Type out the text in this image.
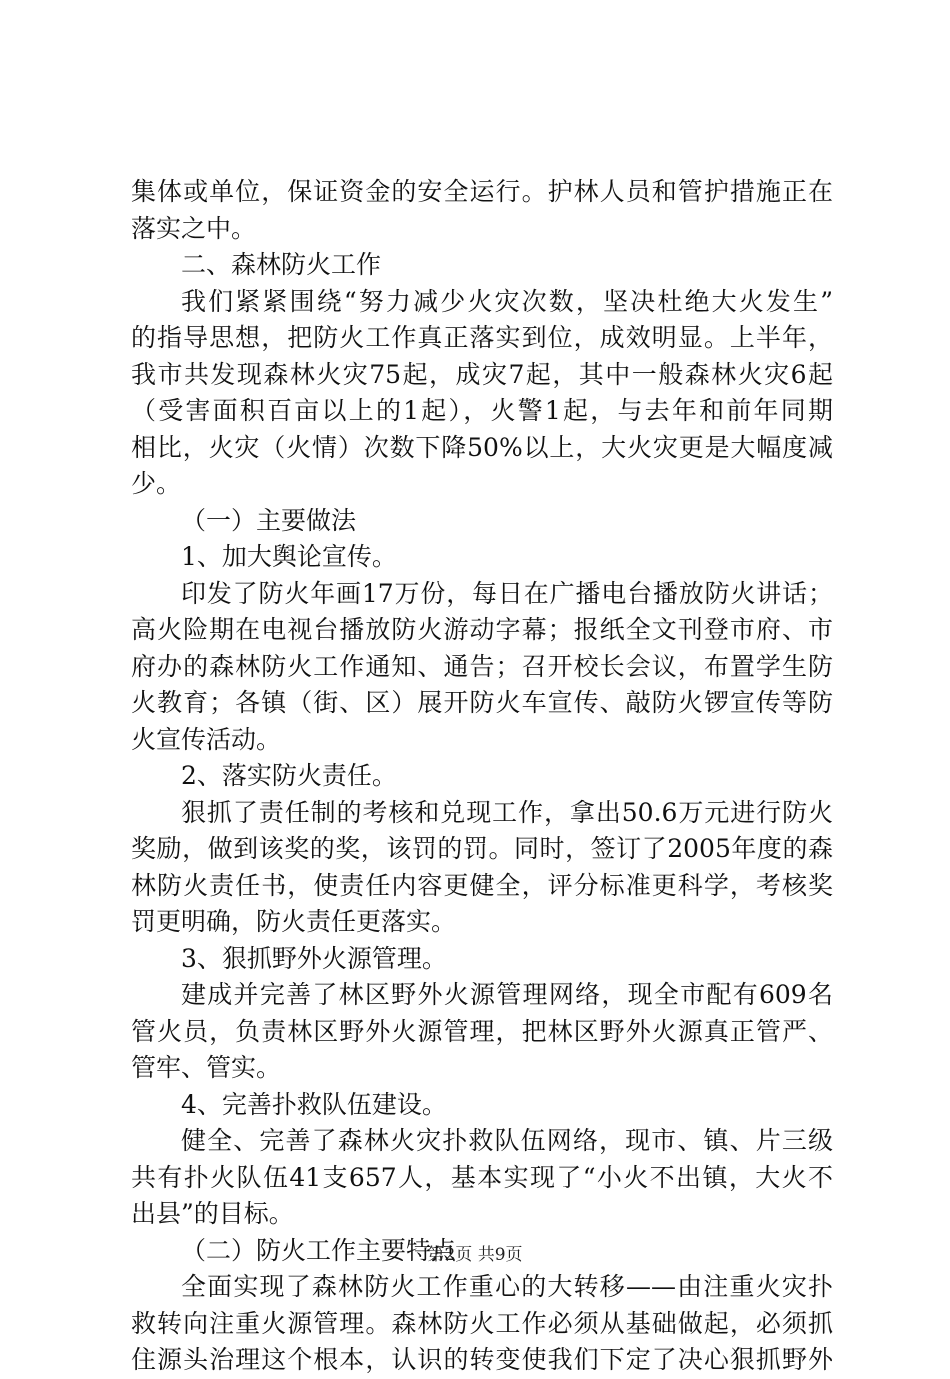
集体或单位，保证资金的安全运行。护林人员和管护措施正在
落实之中。
二、森林防火工作
我们紧紧围绕“努力减少火灾次数，坚决杜绝大火发生”
的指导思想，把防火工作真正落实到位，成效明显。上半年，
我市共发现森林火灾75起，成灾7起，其中一般森林火灾6起
（受害面积百亩以上的1起），火警1起，与去年和前年同期
相比，火灾（火情）次数下降50%以上，大火灾更是大幅度减
少。
（一）主要做法
1、加大舆论宣传。
印发了防火年画17万份，每日在广播电台播放防火讲话；
高火险期在电视台播放防火游动字幕；报纸全文刊登市府、市
府办的森林防火工作通知、通告；召开校长会议，布置学生防
火教育；各镇（街、区）展开防火车宣传、敲防火锣宣传等防
火宣传活动。
2、落实防火责任。
狠抓了责任制的考核和兑现工作，拿出50.6万元进行防火
奖励，做到该奖的奖，该罚的罚。同时，签订了2005年度的森
林防火责任书，使责任内容更健全，评分标准更科学，考核奖
罚更明确，防火责任更落实。
3、狠抓野外火源管理。
建成并完善了林区野外火源管理网络，现全市配有609名
管火员，负责林区野外火源管理，把林区野外火源真正管严、
管牢、管实。
4、完善扑救队伍建设。
健全、完善了森林火灾扑救队伍网络，现市、镇、片三级
共有扑火队伍41支657人，基本实现了“小火不出镇，大火不
出县”的目标。
（二）防火工作主要特点
全面实现了森林防火工作重心的大转移——由注重火灾扑
救转向注重火源管理。森林防火工作必须从基础做起，必须抓
住源头治理这个根本，认识的转变使我们下定了决心狠抓野外
第2页 共9页
